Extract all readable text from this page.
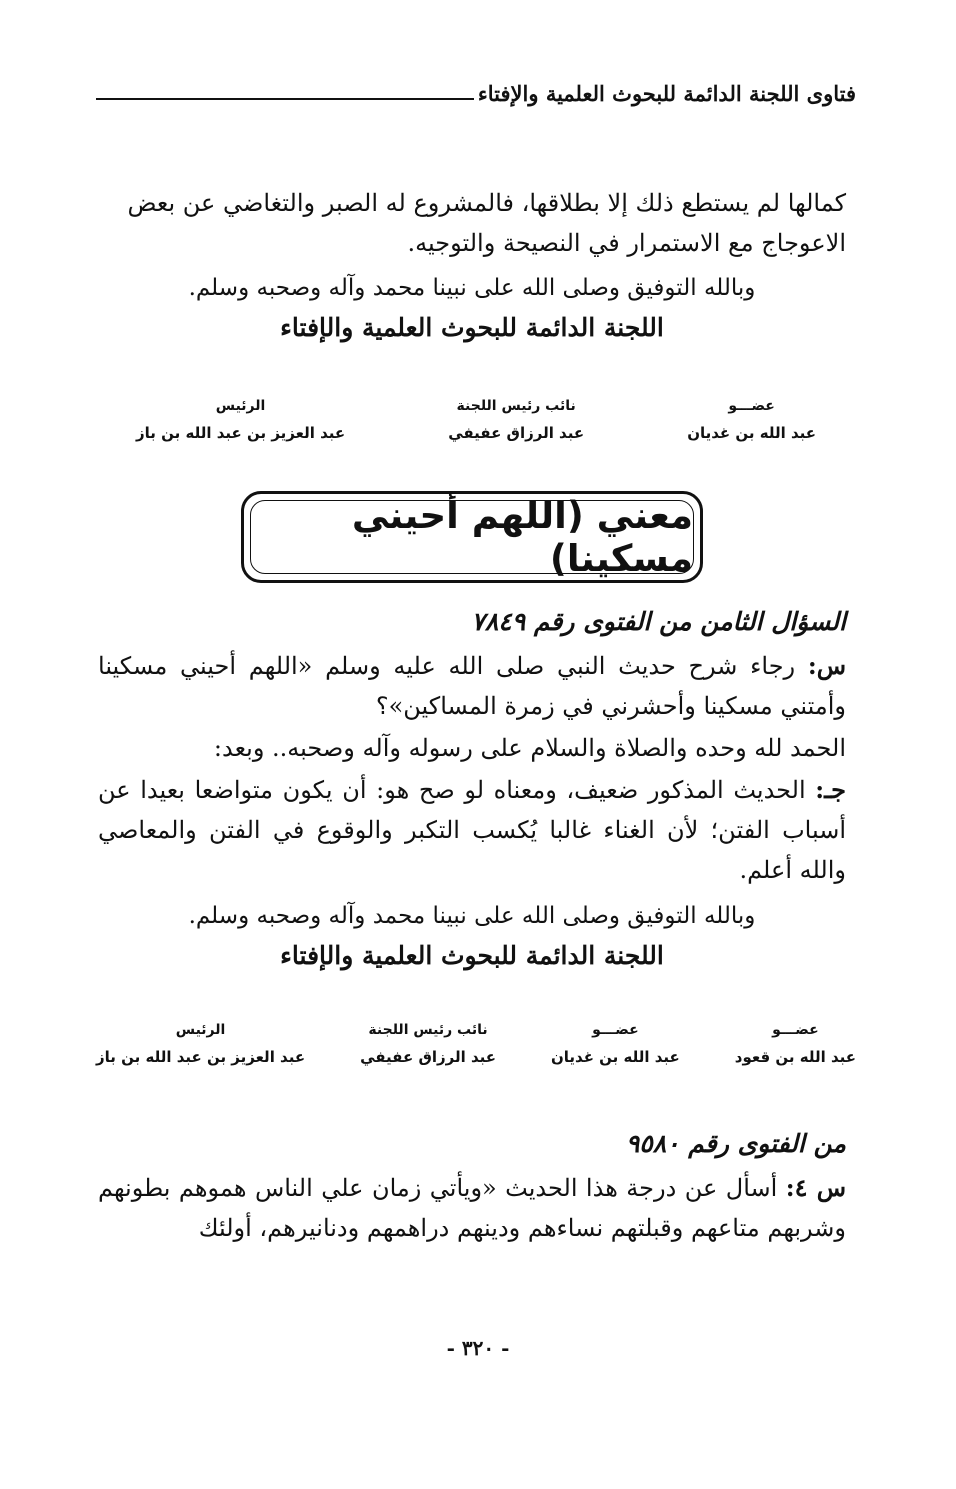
فتاوى اللجنة الدائمة للبحوث العلمية والإفتاء

كمالها لم يستطع ذلك إلا بطلاقها، فالمشروع له الصبر والتغاضي عن بعض

الاعوجاج مع الاستمرار في النصيحة والتوجيه.

وبالله التوفيق وصلى الله على نبينا محمد وآله وصحبه وسلم.
اللجنة الدائمة للبحوث العلمية والإفتاء
عضـــو
عبد الله بن غديان
نائب رئيس اللجنة
عبد الرزاق عفيفي
الرئيس
عبد العزيز بن عبد الله بن باز
معني (اللهم أحيني مسكينا)
السؤال الثامن من الفتوى رقم ٧٨٤٩

س: رجاء شرح حديث النبي صلى الله عليه وسلم «اللهم أحيني مسكينا وأمتني مسكينا وأحشرني في زمرة المساكين»؟

الحمد لله وحده والصلاة والسلام على رسوله وآله وصحبه.. وبعد:

جـ: الحديث المذكور ضعيف، ومعناه لو صح هو: أن يكون متواضعا بعيدا عن أسباب الفتن؛ لأن الغناء غالبا يُكسب التكبر والوقوع في الفتن والمعاصي والله أعلم.

وبالله التوفيق وصلى الله على نبينا محمد وآله وصحبه وسلم.
اللجنة الدائمة للبحوث العلمية والإفتاء
عضـــو
عبد الله بن قعود
عضـــو
عبد الله بن غديان
نائب رئيس اللجنة
عبد الرزاق عفيفي
الرئيس
عبد العزيز بن عبد الله بن باز
من الفتوى رقم ٩٥٨٠

س ٤: أسأل عن درجة هذا الحديث «ويأتي زمان علي الناس هموهم بطونهم وشربهم متاعهم وقبلتهم نساءهم ودينهم دراهمهم ودنانيرهم، أولئك

- ٣٢٠ -
